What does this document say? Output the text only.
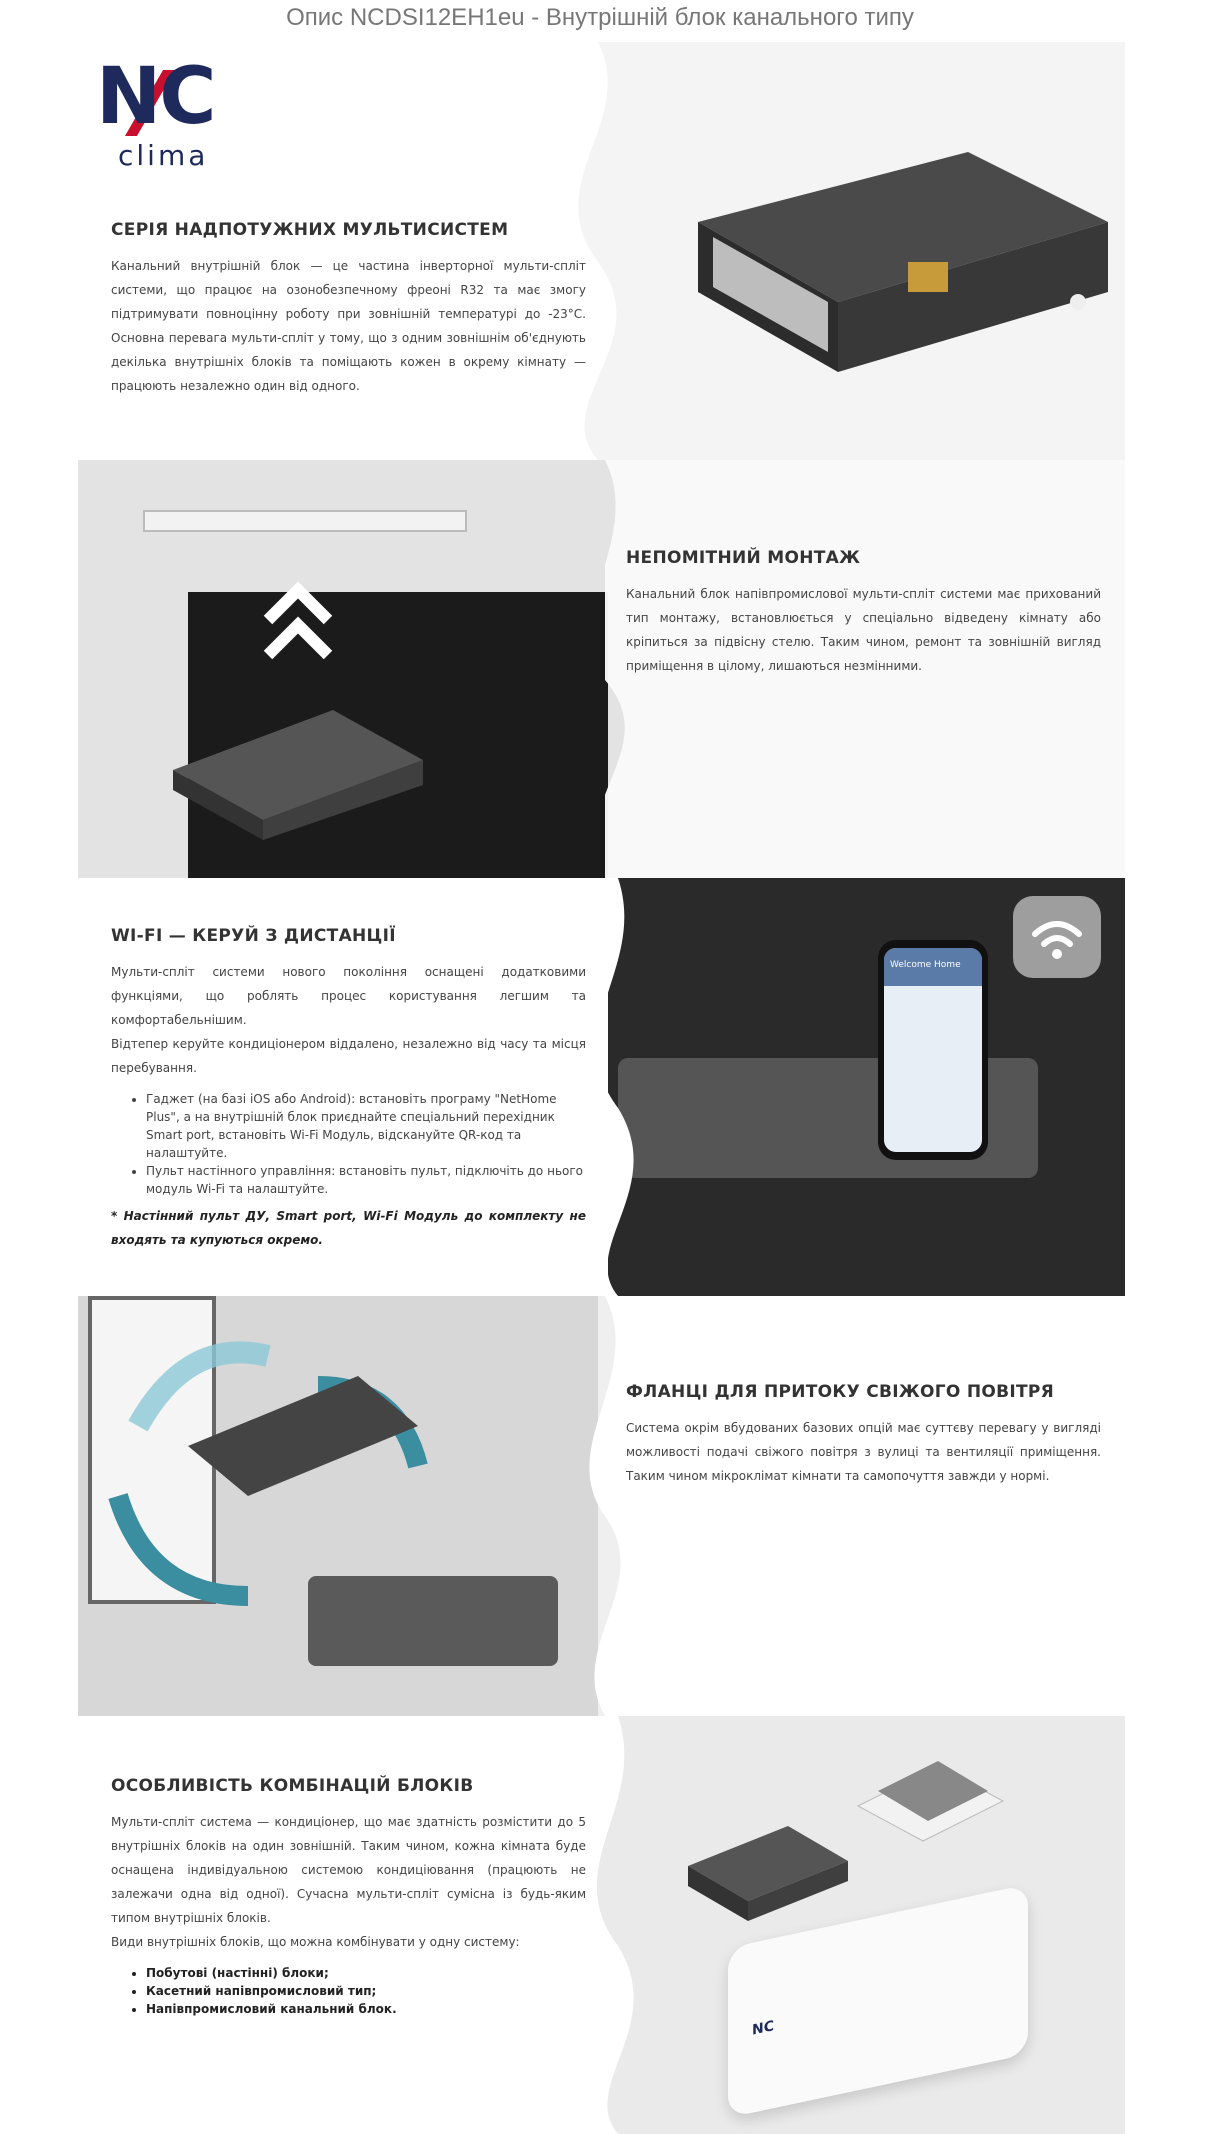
Опис NCDSI12EH1eu - Внутрішній блок канального типу
NC
clima
СЕРІЯ НАДПОТУЖНИХ МУЛЬТИСИСТЕМ

Канальний внутрішній блок — це частина інверторної мульти-спліт системи, що працює на озонобезпечному фреоні R32 та має змогу підтримувати повноцінну роботу при зовнішній температурі до -23°C. Основна перевага мульти-спліт у тому, що з одним зовнішнім об'єднують декілька внутрішніх блоків та поміщають кожен в окрему кімнату — працюють незалежно один від одного.

НЕПОМІТНИЙ МОНТАЖ

Канальний блок напівпромислової мульти-спліт системи має прихований тип монтажу, встановлюється у спеціально відведену кімнату або кріпиться за підвісну стелю. Таким чином, ремонт та зовнішній вигляд приміщення в цілому, лишаються незмінними.

Welcome Home
WI-FI — КЕРУЙ З ДИСТАНЦІЇ

Мульти-спліт системи нового покоління оснащені додатковими функціями, що роблять процес користування легшим та комфортабельнішим.

Відтепер керуйте кондиціонером віддалено, незалежно від часу та місця перебування.

• Гаджет (на базі iOS або Android): встановіть програму "NetHome Plus", а на внутрішній блок приєднайте спеціальний перехідник Smart port, встановіть Wi-Fi Модуль, відскануйте QR-код та налаштуйте.
• Пульт настінного управління: встановіть пульт, підключіть до нього модуль Wi-Fi та налаштуйте.

* Настінний пульт ДУ, Smart port, Wi-Fi Модуль до комплекту не входять та купуються окремо.

ФЛАНЦІ ДЛЯ ПРИТОКУ СВІЖОГО ПОВІТРЯ

Система окрім вбудованих базових опцій має суттєву перевагу у вигляді можливості подачі свіжого повітря з вулиці та вентиляції приміщення. Таким чином мікроклімат кімнати та самопочуття завжди у нормі.

NC
ОСОБЛИВІСТЬ КОМБІНАЦІЙ БЛОКІВ

Мульти-спліт система — кондиціонер, що має здатність розмістити до 5 внутрішніх блоків на один зовнішній. Таким чином, кожна кімната буде оснащена індивідуальною системою кондиціювання (працюють не залежачи одна від одної). Сучасна мульти-спліт сумісна із будь-яким типом внутрішніх блоків.

Види внутрішніх блоків, що можна комбінувати у одну систему:

• Побутові (настінні) блоки;
• Касетний напівпромисловий тип;
• Напівпромисловий канальний блок.
